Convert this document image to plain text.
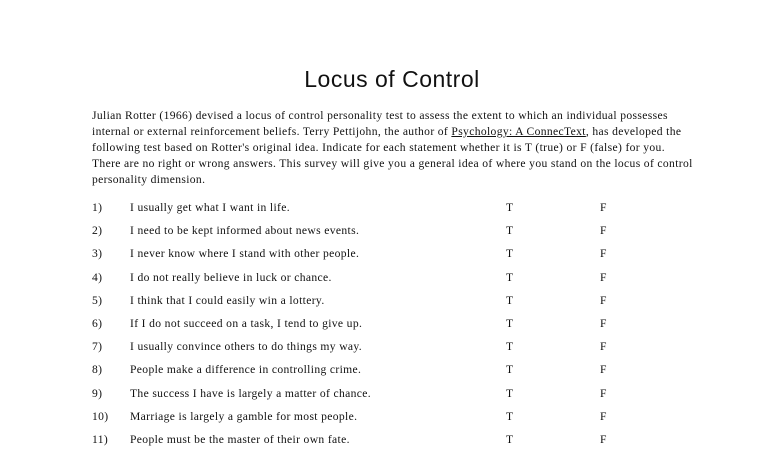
Locus of Control
Julian Rotter (1966) devised a locus of control personality test to assess the extent to which an individual possesses internal or external reinforcement beliefs. Terry Pettijohn, the author of Psychology: A ConnecText, has developed the following test based on Rotter's original idea. Indicate for each statement whether it is T (true) or F (false) for you. There are no right or wrong answers. This survey will give you a general idea of where you stand on the locus of control personality dimension.
1) I usually get what I want in life.	T	F
2) I need to be kept informed about news events.	T	F
3) I never know where I stand with other people.	T	F
4) I do not really believe in luck or chance.	T	F
5) I think that I could easily win a lottery.	T	F
6) If I do not succeed on a task, I tend to give up.	T	F
7) I usually convince others to do things my way.	T	F
8) People make a difference in controlling crime.	T	F
9) The success I have is largely a matter of chance.	T	F
10) Marriage is largely a gamble for most people.	T	F
11) People must be the master of their own fate.	T	F
